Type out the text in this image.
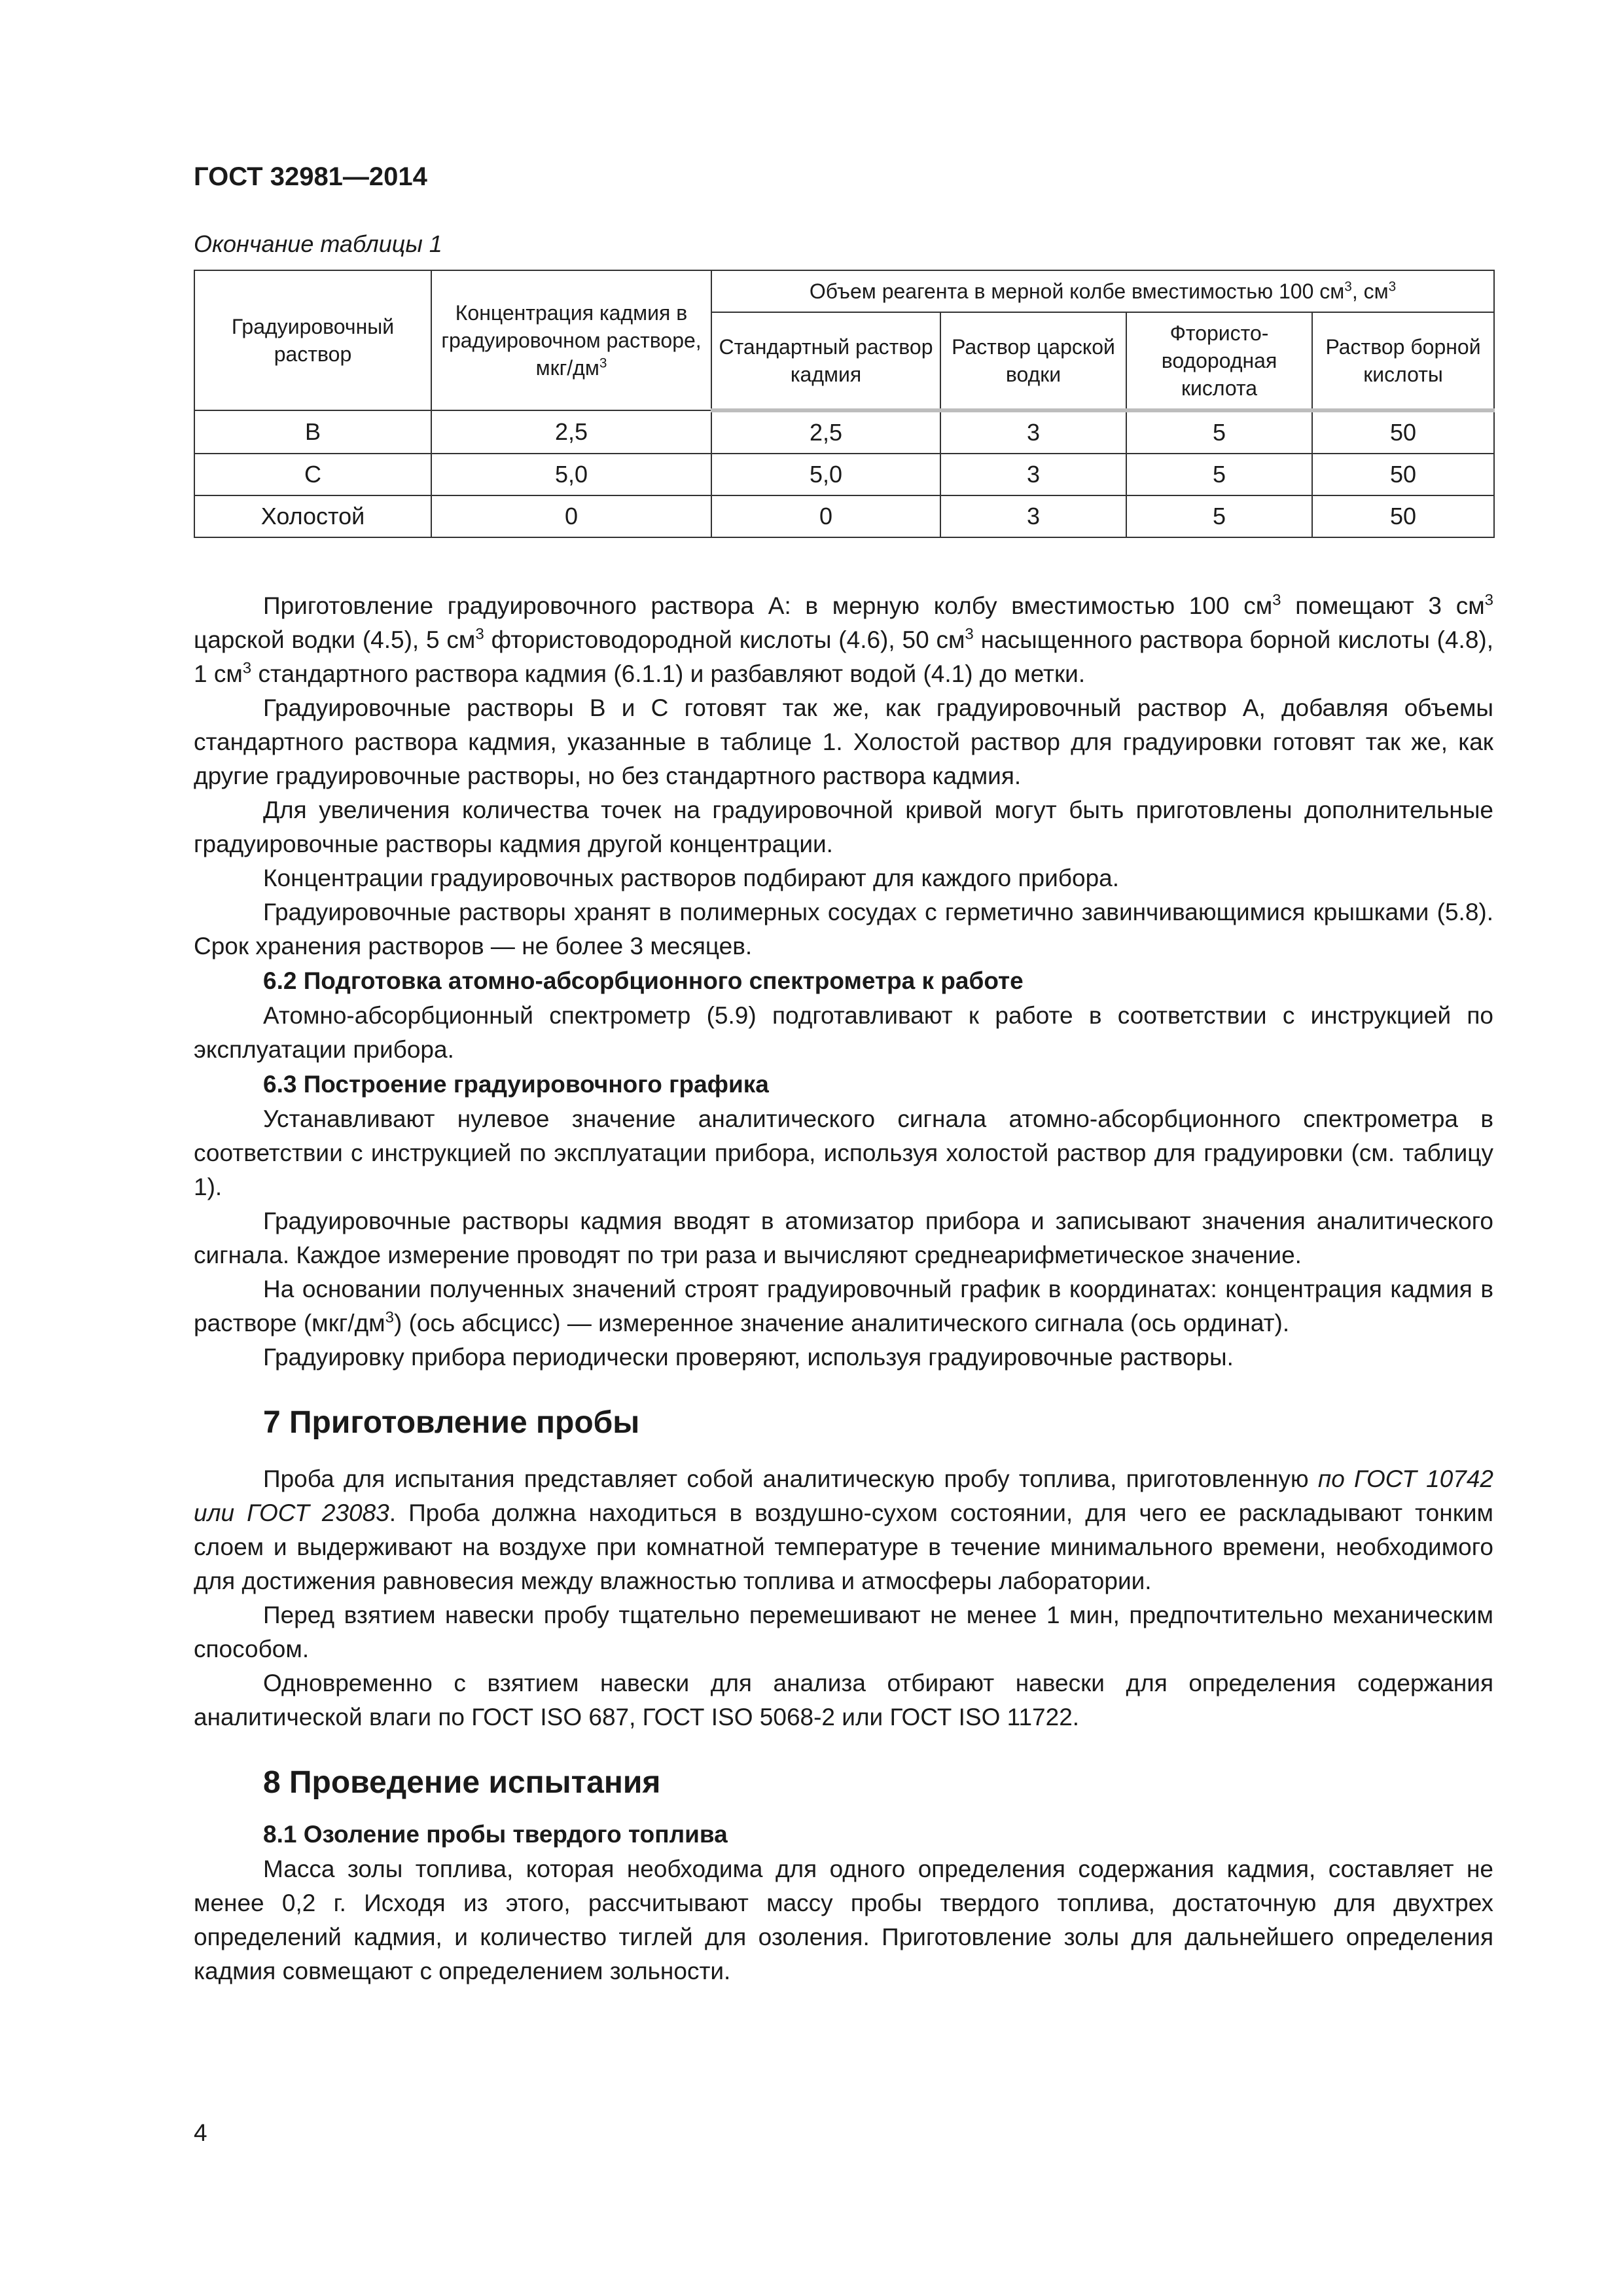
ГОСТ 32981—2014
Окончание таблицы 1
Градуировочный раствор	Концентрация кадмия в градуировочном растворе, мкг/$дм^3$	Объем реагента в мерной колбе вместимостью 100 $см^3$, $см^3$
		Стандартный раствор кадмия	Раствор царской водки	Фтористо-водородная кислота	Раствор борной кислоты
B	2,5	2,5	3	5	50
C	5,0	5,0	3	5	50
Холостой	0	0	3	5	50

Приготовление градуировочного раствора А: в мерную колбу вместимостью 100 $см^3$ помещают 3 $см^3$ царской водки (4.5), 5 $см^3$ фтористоводородной кислоты (4.6), 50 $см^3$ насыщенного раствора борной кислоты (4.8), 1 $см^3$ стандартного раствора кадмия (6.1.1) и разбавляют водой (4.1) до метки.

Градуировочные растворы В и С готовят так же, как градуировочный раствор А, добавляя объемы стандартного раствора кадмия, указанные в таблице 1. Холостой раствор для градуировки готовят так же, как другие градуировочные растворы, но без стандартного раствора кадмия.

Для увеличения количества точек на градуировочной кривой могут быть приготовлены дополнительные градуировочные растворы кадмия другой концентрации.

Концентрации градуировочных растворов подбирают для каждого прибора.

Градуировочные растворы хранят в полимерных сосудах с герметично завинчивающимися крышками (5.8). Срок хранения растворов — не более 3 месяцев.

6.2 Подготовка атомно-абсорбционного спектрометра к работе

Атомно-абсорбционный спектрометр (5.9) подготавливают к работе в соответствии с инструкцией по эксплуатации прибора.

6.3 Построение градуировочного графика

Устанавливают нулевое значение аналитического сигнала атомно-абсорбционного спектрометра в соответствии с инструкцией по эксплуатации прибора, используя холостой раствор для градуировки (см. таблицу 1).

Градуировочные растворы кадмия вводят в атомизатор прибора и записывают значения аналитического сигнала. Каждое измерение проводят по три раза и вычисляют среднеарифметическое значение.

На основании полученных значений строят градуировочный график в координатах: концентрация кадмия в растворе $(мкг/дм^3)$ (ось абсцисс) — измеренное значение аналитического сигнала (ось ординат).

Градуировку прибора периодически проверяют, используя градуировочные растворы.

7 Приготовление пробы

Проба для испытания представляет собой аналитическую пробу топлива, приготовленную по ГОСТ 10742 или ГОСТ 23083. Проба должна находиться в воздушно-сухом состоянии, для чего ее раскладывают тонким слоем и выдерживают на воздухе при комнатной температуре в течение минимального времени, необходимого для достижения равновесия между влажностью топлива и атмосферы лаборатории.

Перед взятием навески пробу тщательно перемешивают не менее 1 мин, предпочтительно механическим способом.

Одновременно с взятием навески для анализа отбирают навески для определения содержания аналитической влаги по ГОСТ ISO 687, ГОСТ ISO 5068-2 или ГОСТ ISO 11722.

8 Проведение испытания
8.1 Озоление пробы твердого топлива

Масса золы топлива, которая необходима для одного определения содержания кадмия, составляет не менее 0,2 г. Исходя из этого, рассчитывают массу пробы твердого топлива, достаточную для двухтрех определений кадмия, и количество тиглей для озоления. Приготовление золы для дальнейшего определения кадмия совмещают с определением зольности.

4
